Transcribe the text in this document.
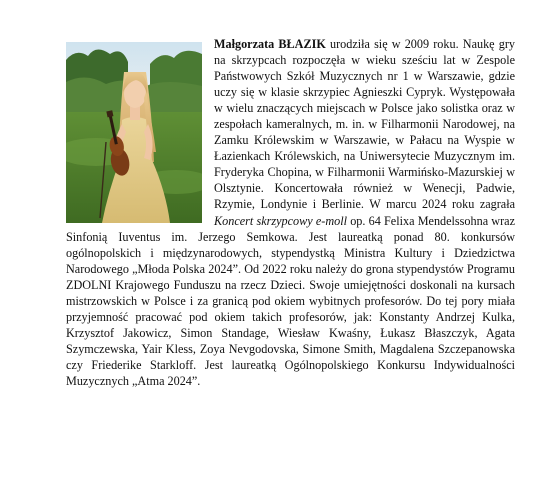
Małgorzata BŁAZIK urodziła się w 2009 roku. Naukę gry na skrzypcach rozpoczęła w wieku sześciu lat w Zespole Państwowych Szkół Muzycznych nr 1 w Warszawie, gdzie uczy się w klasie skrzypiec Agnieszki Cypryk. Występowała w wielu znaczących miejscach w Polsce jako solistka oraz w zespołach kameralnych, m. in. w Filharmonii Narodowej, na Zamku Królewskim w Warszawie, w Pałacu na Wyspie w Łazienkach Królewskich, na Uniwersytecie Muzycznym im. Fryderyka Chopina, w Filharmonii Warmińsko-Mazurskiej w Olsztynie. Koncertowała również w Wenecji, Padwie, Rzymie, Londynie i Berlinie. W marcu 2024 roku zagrała Koncert skrzypcowy e-moll op. 64 Felixa Mendelssohna wraz Sinfonią Iuventus im. Jerzego Semkowa. Jest laureatką ponad 80. konkursów ogólnopolskich i międzynarodowych, stypendystką Ministra Kultury i Dziedzictwa Narodowego „Młoda Polska 2024”. Od 2022 roku należy do grona stypendystów Programu ZDOLNI Krajowego Funduszu na rzecz Dzieci. Swoje umiejętności doskonali na kursach mistrzowskich w Polsce i za granicą pod okiem wybitnych profesorów. Do tej pory miała przyjemność pracować pod okiem takich profesorów, jak: Konstanty Andrzej Kulka, Krzysztof Jakowicz, Simon Standage, Wiesław Kwaśny, Łukasz Błaszczyk, Agata Szymczewska, Yair Kless, Zoya Nevgodovska, Simone Smith, Magdalena Szczepanowska czy Friederike Starkloff. Jest laureatką Ogólnopolskiego Konkursu Indywidualności Muzycznych „Atma 2024”.
